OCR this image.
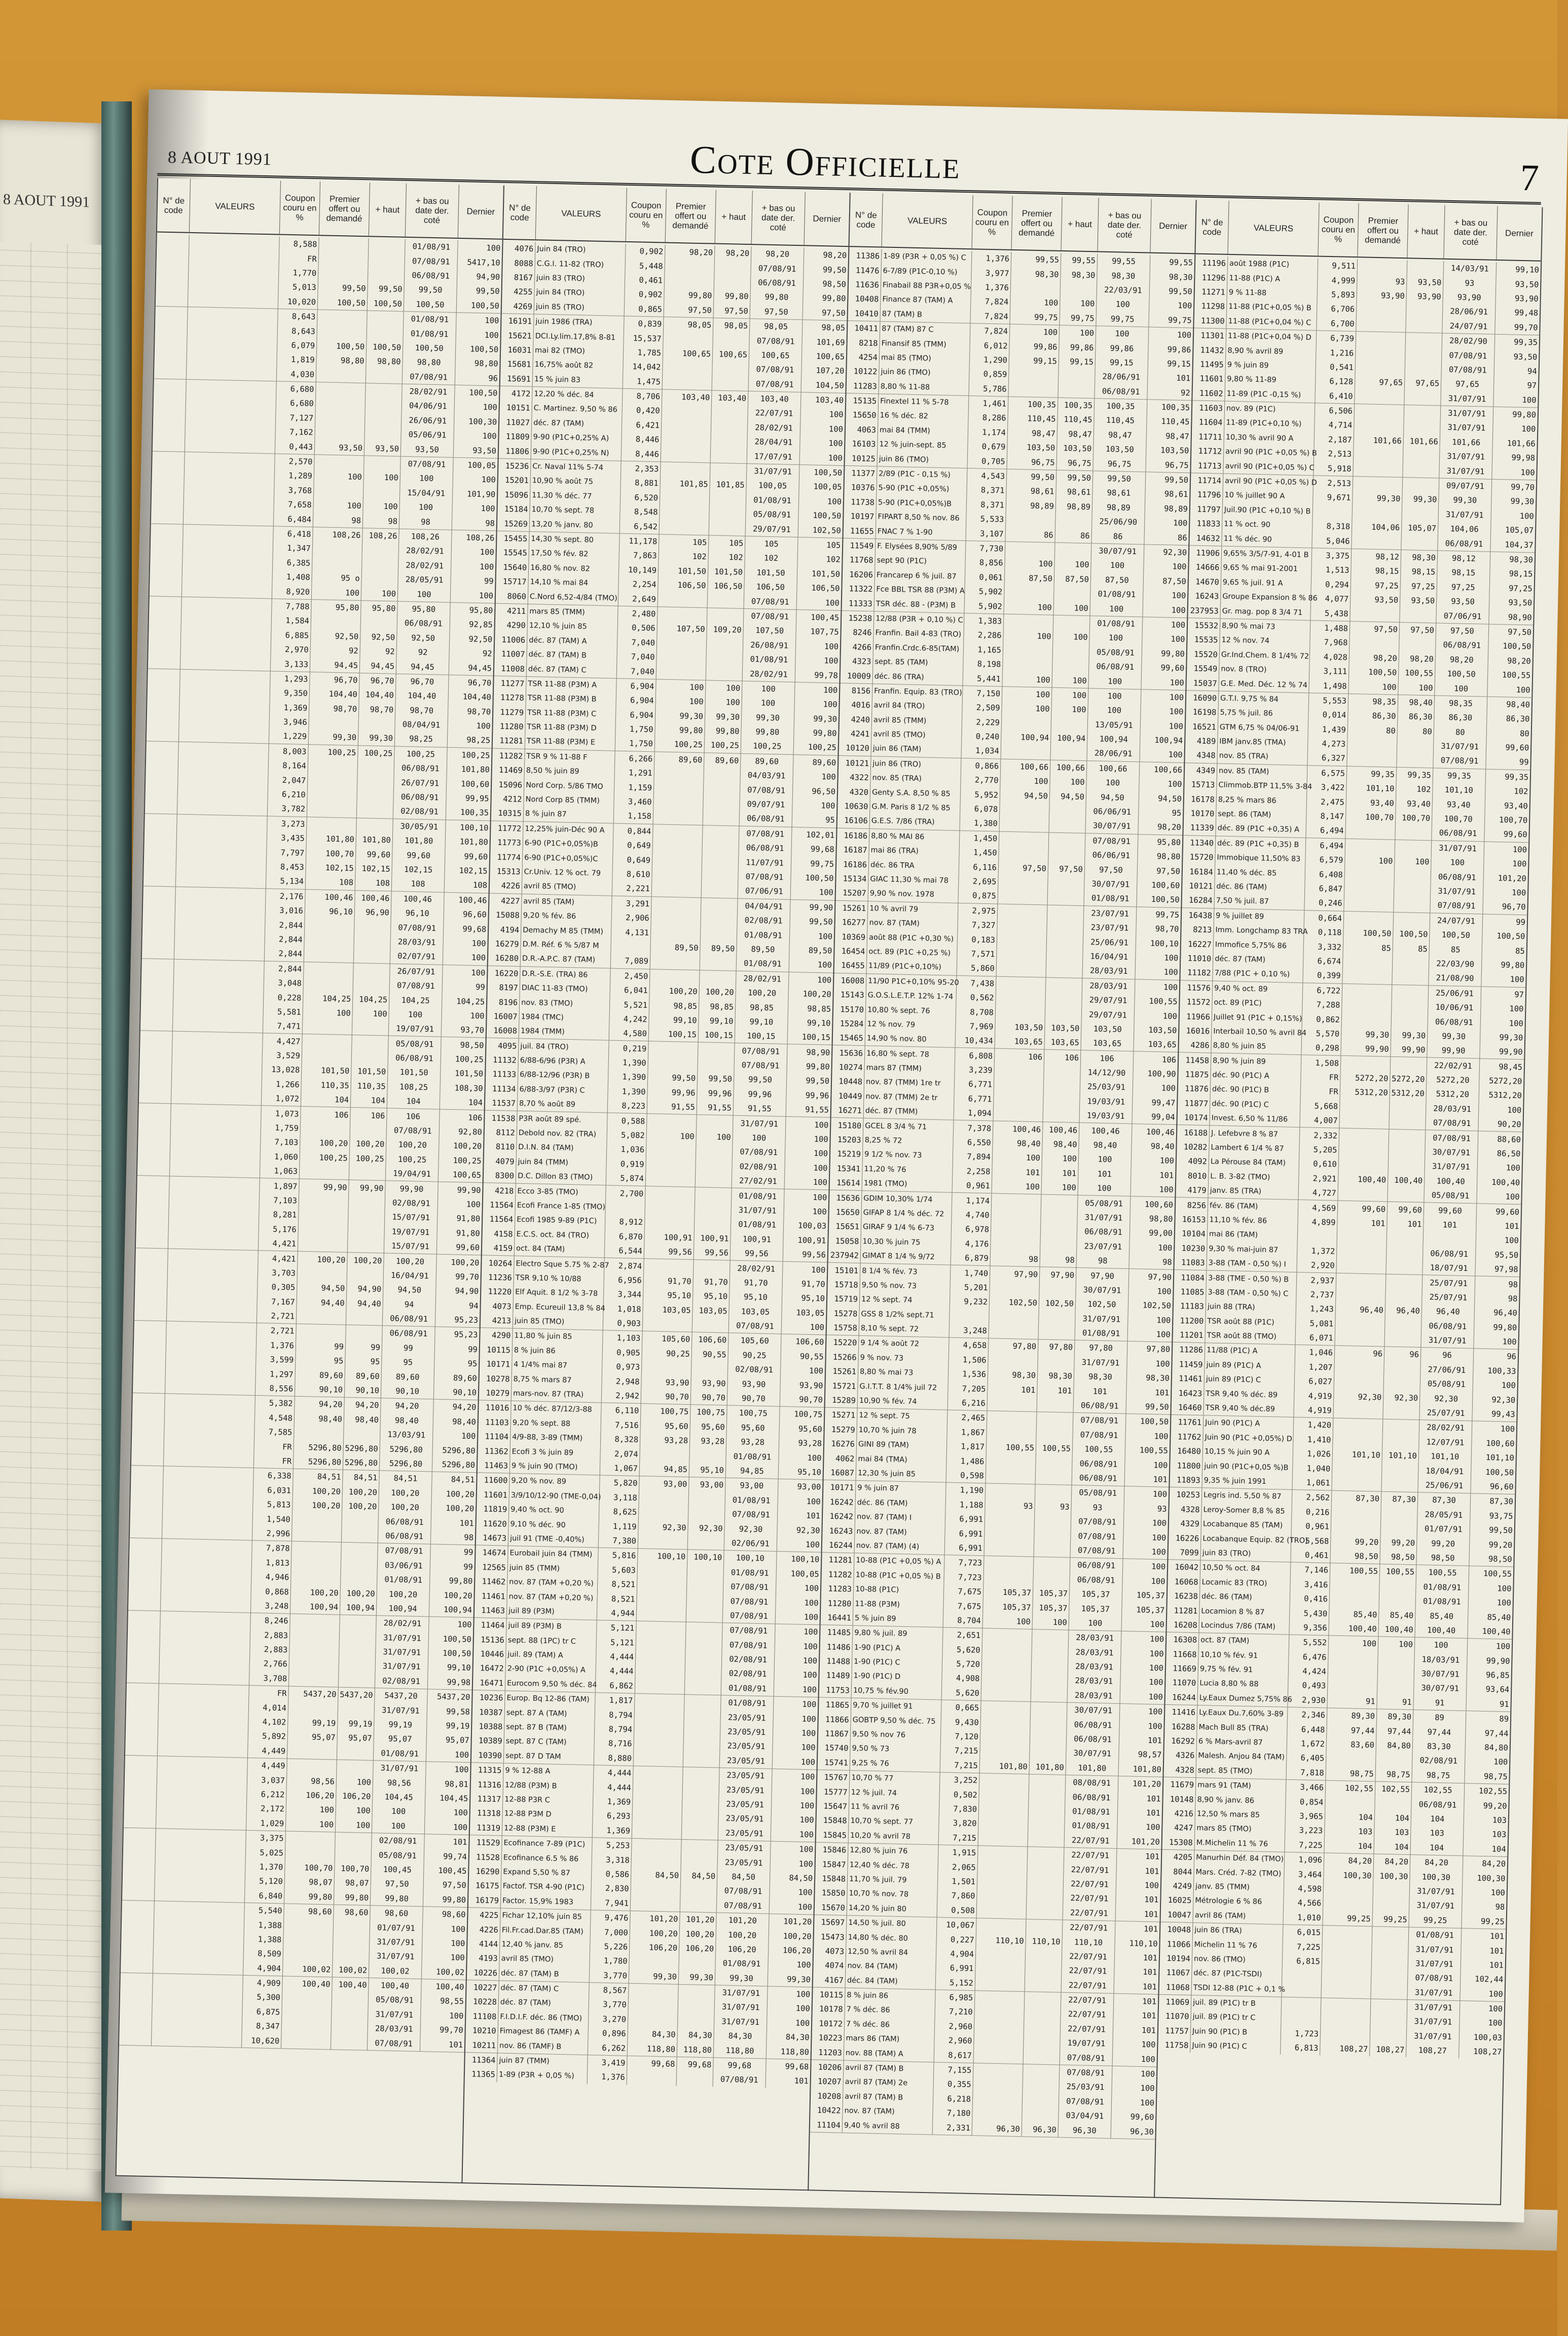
8 AOUT 1991
8 AOUT 1991	Cote Officielle	7
N° de code	VALEURS
Coupon couru en %
Premier offert ou demandé
+ haut
+ bas ou date der. coté
Dernier
8,588	01/08/91	100
FR	07/08/91	5417,10
1,770	06/08/91	94,90
5,013	99,50	99,50	99,50	99,50
10,020	100,50	100,50	100,50	100,50
8,643	01/08/91	100
8,643	01/08/91	100
6,079	100,50	100,50	100,50	100,50
1,819	98,80	98,80	98,80	98,80
4,030	07/08/91	96
6,680	28/02/91	100,50
6,680	04/06/91	100
7,127	26/06/91	100,30
7,162	05/06/91	100
0,443	93,50	93,50	93,50	93,50
2,570	07/08/91	100,05
1,289	100	100	100	100
3,768	15/04/91	101,90
7,658	100	100	100	100
6,484	98	98	98	98
6,418	108,26	108,26	108,26	108,26
1,347	28/02/91	100
6,385	28/02/91	100
1,408	95 o	28/05/91	99
8,920	100	100	100	100
7,788	95,80	95,80	95,80	95,80
1,584	06/08/91	92,85
6,885	92,50	92,50	92,50	92,50
2,970	92	92	92	92
3,133	94,45	94,45	94,45	94,45
1,293	96,70	96,70	96,70	96,70
9,350	104,40	104,40	104,40	104,40
1,369	98,70	98,70	98,70	98,70
3,946	08/04/91	100
1,229	99,30	99,30	98,25	98,25
8,003	100,25	100,25	100,25	100,25
8,164	06/08/91	101,80
2,047	26/07/91	100,60
6,210	06/08/91	99,95
3,782	02/08/91	100,35
3,273	30/05/91	100,10
3,435	101,80	101,80	101,80	101,80
7,797	100,70	99,60	99,60	99,60
8,453	102,15	102,15	102,15	102,15
5,134	108	108	108	108
2,176	100,46	100,46	100,46	100,46
3,016	96,10	96,90	96,10	96,60
2,844	07/08/91	99,68
2,844	28/03/91	100
2,844	02/07/91	100
2,844	26/07/91	100
3,048	07/08/91	99
0,228	104,25	104,25	104,25	104,25
5,581	100	100	100	100
7,471	19/07/91	93,70
4,427	05/08/91	98,50
3,529	06/08/91	100,25
13,028	101,50	101,50	101,50	101,50
1,266	110,35	110,35	108,25	108,30
1,072	104	104	104	104
1,073	106	106	106	106
1,759	07/08/91	92,80
7,103	100,20	100,20	100,20	100,20
1,060	100,25	100,25	100,25	100,25
1,063	19/04/91	100,65
1,897	99,90	99,90	99,90	99,90
7,103	02/08/91	100
8,281	15/07/91	91,80
5,176	19/07/91	91,80
4,421	15/07/91	99,60
4,421	100,20	100,20	100,20	100,20
3,703	16/04/91	99,70
0,305	94,50	94,90	94,50	94,90
7,167	94,40	94,40	94	94
2,721	06/08/91	95,23
2,721	06/08/91	95,23
1,376	99	99	99	99
3,599	95	95	95	95
1,297	89,60	89,60	89,60	89,60
8,556	90,10	90,10	90,10	90,10
5,382	94,20	94,20	94,20	94,20
4,548	98,40	98,40	98,40	98,40
7,585	13/03/91	100
FR	5296,80 5296,80	5296,80	5296,80
FR	5296,80 5296,80	5296,80	5296,80
6,338	84,51	84,51	84,51	84,51
6,031	100,20	100,20	100,20	100,20
5,813	100,20	100,20	100,20	100,20
1,540	06/08/91	101
2,996	06/08/91	98
7,878	07/08/91	99
1,813	03/06/91	99
4,946	01/08/91	99,80
0,868	100,20	100,20	100,20	100,20
3,248	100,94	100,94	100,94	100,94
8,246	28/02/91	100
2,883	31/07/91	100,50
2,883	31/07/91	100,50
2,766	31/07/91	99,10
3,708	02/08/91	99,98
FR	5437,20 5437,20	5437,20	5437,20
4,014	31/07/91	99,58
4,102	99,19	99,19	99,19	99,19
5,892	95,07	95,07	95,07	95,07
4,449	01/08/91	100
4,449	31/07/91	100
3,037	98,56	100	98,56	98,81
6,212	106,20	106,20	104,45	104,45
2,172	100	100	100	100
1,029	100	100	100	100
3,375	02/08/91	101
5,025	05/08/91	99,74
1,370	100,70	100,70	100,45	100,45
5,120	98,07	98,07	97,50	97,50
6,840	99,80	99,80	99,80	99,80
5,540	98,60	98,60	98,60	98,60
1,388	01/07/91	100
1,388	31/07/91	100
8,509	31/07/91	100
4,904	100,02	100,02	100,02	100,02
4,909	100,40	100,40	100,40	100,40
5,300	05/08/91	98,55
6,875	31/07/91	100
8,347	28/03/91	99,70
10,620	07/08/91	101
N° de code	VALEURS
Coupon couru en %
Premier offert ou demandé
+ haut
+ bas ou date der. coté
Dernier
4076 Juin 84 (TRO)	0,902	98,20	98,20	98,20	98,20
8088 C.G.I. 11-82 (TRO)	5,448	07/08/91	99,50
8167 juin 83 (TRO)	0,461	06/08/91	98,50
4255 juin 84 (TRO)	0,902	99,80	99,80	99,80	99,80
4269 juin 85 (TRO)	0,865	97,50	97,50	97,50	97,50
16191 juin 1986 (TRA)	0,839	98,05	98,05	98,05	98,05
15621 DCI.Ly.lim.17,8% 8-81	15,537	07/08/91	101,69
16031 mai 82 (TMO)	1,785	100,65	100,65	100,65	100,65
15681 16,75% août 82	14,042	07/08/91	107,20
15691 15 % juin 83	1,475	07/08/91	104,50
4172 12,20 % déc. 84	8,706	103,40	103,40	103,40	103,40
10151 C. Martinez. 9,50 % 86	0,420	22/07/91	100
11027 déc. 87 (TAM)	6,421	28/02/91	100
11809 9-90 (P1C+0,25% A)	8,446	28/04/91	100
11806 9-90 (P1C+0,25% N)	8,446	17/07/91	100
15236 Cr. Naval 11% 5-74	2,353	31/07/91	100,50
15201 10,90 % août 75	8,881	101,85	101,85	100,05	100,05
15096 11,30 % déc. 77	6,520	01/08/91	100
15184 10,70 % sept. 78	8,548	05/08/91	100,50
15269 13,20 % janv. 80	6,542	29/07/91	102,50
15455 14,30 % sept. 80	11,178	105	105	105	105
15545 17,50 % fév. 82	7,863	102	102	102	102
15640 16,80 % nov. 82	10,149	101,50	101,50	101,50	101,50
15717 14,10 % mai 84	2,254	106,50	106,50	106,50	106,50
8060 C.Nord 6,52-4/84 (TMO)	2,649	07/08/91	100
4211 mars 85 (TMM)	2,480	07/08/91	100,45
4290 12,10 % juin 85	0,506	107,50	109,20	107,50	107,75
11006 déc. 87 (TAM) A	7,040	26/08/91	100
11007 déc. 87 (TAM) B	7,040	01/08/91	100
11008 déc. 87 (TAM) C	7,040	28/02/91	99,78
11277 TSR 11-88 (P3M) A	6,904	100	100	100	100
11278 TSR 11-88 (P3M) B	6,904	100	100	100	100
11279 TSR 11-88 (P3M) C	6,904	99,30	99,30	99,30	99,30
11280 TSR 11-88 (P3M) D	1,750	99,80	99,80	99,80	99,80
11281 TSR 11-88 (P3M) E	1,750	100,25	100,25	100,25	100,25
11282 TSR 9 % 11-88 F	6,266	89,60	89,60	89,60	89,60
11469 8,50 % juin 89	1,291	04/03/91	100
15096 Nord Corp. 5/86 TMO	1,159	07/08/91	96,50
4212 Nord Corp 85 (TMM)	3,460	09/07/91	100
10315 8 % juin 87	1,158	06/08/91	95
11772 12,25% juin-Déc 90 A	0,844	07/08/91	102,01
11773 6-90 (P1C+0,05%)B	0,649	06/08/91	99,68
11774 6-90 (P1C+0,05%)C	0,649	11/07/91	99,75
15313 Cr.Univ. 12 % oct. 79	8,610	07/08/91	100,50
4226 avril 85 (TMO)	2,221	07/06/91	100
4227 avril 85 (TAM)	3,291	04/04/91	99,90
15088 9,20 % fév. 86	2,906	02/08/91	99,50
4194 Demachy M 85 (TMM)	4,131	01/08/91	100
16279 D.M. Réf. 6 % 5/87 M	89,50	89,50	89,50	89,50
16280 D.R.-A.P.C. 87 (TAM)	7,089	01/08/91	100
16220 D.R.-S.E. (TRA) 86	2,450	28/02/91	100
8197 DIAC 11-83 (TMO)	6,041	100,20	100,20	100,20	100,20
8196 nov. 83 (TMO)	5,521	98,85	98,85	98,85	98,85
16007 1984 (TMC)	4,242	99,10	99,10	99,10	99,10
16008 1984 (TMM)	4,580	100,15	100,15	100,15	100,15
4095 juil. 84 (TRO)	0,219	07/08/91	98,90
11132 6/88-6/96 (P3R) A	1,390	07/08/91	99,80
11133 6/88-12/96 (P3R) B	1,390	99,50	99,50	99,50	99,50
11134 6/88-3/97 (P3R) C	1,390	99,96	99,96	99,96	99,96
11537 8,70 % août 89	8,223	91,55	91,55	91,55	91,55
11538 P3R août 89 spé.	0,588	31/07/91	100
8112 Debold nov. 82 (TRA)	5,082	100	100	100	100
8110 D.I.N. 84 (TAM)	1,036	07/08/91	100
4079 juin 84 (TMM)	0,919	02/08/91	100
8300 D.C. Dillon 83 (TMO)	5,874	27/02/91	100
4218 Ecco 3-85 (TMO)	2,700	01/08/91	100
11564 Ecofi France 1-85 (TMO)	31/07/91	100
11564 Ecofi 1985 9-89 (P1C)	8,912	01/08/91	100,03
4158 E.C.S. oct. 84 (TRO)	6,870	100,91	100,91	100,91	100,91
4159 oct. 84 (TAM)	6,544	99,56	99,56	99,56	99,56
10264 Electro Sque 5.75 % 2-87	2,874	28/02/91	100
11236 TSR 9,10 % 10/88	6,956	91,70	91,70	91,70	91,70
11220 Elf Aquit. 8 1/2 % 3-78	3,344	95,10	95,10	95,10	95,10
4073 Emp. Ecureuil 13,8 % 84	1,018	103,05	103,05	103,05	103,05
4213 juin 85 (TMO)	0,903	07/08/91	100
4290 11,80 % juin 85	1,103	105,60	106,60	105,60	106,60
10115 8 % juin 86	0,905	90,25	90,55	90,25	90,55
10171 4 1/4% mai 87	0,973	02/08/91	100
10278 8,75 % mars 87	2,948	93,90	93,90	93,90	93,90
10279 mars-nov. 87 (TRA)	2,942	90,70	90,70	90,70	90,70
11016 10 % déc. 87/12/3-88	6,110	100,75	100,75	100,75	100,75
11103 9,20 % sept. 88	7,516	95,60	95,60	95,60	95,60
11104 4/9-88, 3-89 (TMM)	8,328	93,28	93,28	93,28	93,28
11362 Ecofi 3 % juin 89	2,074	01/08/91	100
11463 9 % juin 90 (TMO)	1,067	94,85	95,10	94,85	95,10
11600 9,20 % nov. 89	5,820	93,00	93,00	93,00	93,00
11601 3/9/10/12-90 (TME-0,04)	3,118	01/08/91	100
11819 9,40 % oct. 90	8,625	07/08/91	101
11620 9,10 % déc. 90	1,119	92,30	92,30	92,30	92,30
14673 juil 91 (TME -0,40%)	7,380	02/06/91	100
14674 Eurobail juin 84 (TMM)	5,816	100,10	100,10	100,10	100,10
12565 juin 85 (TMM)	5,603	01/08/91	100,05
11462 nov. 87 (TAM +0,20 %)	8,521	07/08/91	100
11461 nov. 87 (TAM +0,20 %)	8,521	07/08/91	100
11463 juil 89 (P3M)	4,944	07/08/91	100
11464 juil 89 (P3M) B	5,121	07/08/91	100
15136 sept. 88 (1PC) tr C	5,121	07/08/91	100
10446 juil. 89 (TAM) A	4,444	02/08/91	100
16472 2-90 (P1C +0,05%) A	4,444	02/08/91	100
16471 Eurocom 9,50 % déc. 84	6,862	01/08/91	100
10236 Europ. Bq 12-86 (TAM)	1,817	01/08/91	100
10387 sept. 87 A (TAM)	8,794	23/05/91	100
10388 sept. 87 B (TAM)	8,794	23/05/91	100
10389 sept. 87 C (TAM)	8,716	23/05/91	100
10390 sept. 87 D TAM	8,880	23/05/91	100
11315 9 % 12-88 A	4,444	23/05/91	100
11316 12/88 (P3M) B	4,444	23/05/91	100
11317 12-88 P3R C	1,369	23/05/91	100
11318 12-88 P3M D	6,293	23/05/91	100
11319 12-88 (P3M) E	1,369	23/05/91	100
11529 Ecofinance 7-89 (P1C)	5,253	23/05/91	100
11528 Ecofinance 6.5 % 86	3,318	23/05/91	100
16290 Expand 5,50 % 87	0,586	84,50	84,50	84,50	84,50
16175 Factof. TSR 4-90 (P1C)	2,830	07/08/91	100
16179 Factor. 15,9% 1983	7,941	07/08/91	100
4225 Fichar 12,10% juin 85	9,476	101,20	101,20	101,20	101,20
4226 Fil.Fr.cad.Dar.85 (TAM)	7,000	100,20	100,20	100,20	100,20
4144 12,40 % janv. 85	5,226	106,20	106,20	106,20	106,20
4193 avril 85 (TMO)	1,780	01/08/91	100
10226 déc. 87 (TAM) B	3,770	99,30	99,30	99,30	99,30
10227 déc. 87 (TAM) C	8,567	31/07/91	100
10228 déc. 87 (TAM)	3,770	31/07/91	100
11108 F.I.D.I.F. déc. 86 (TMO)	3,270	31/07/91	100
10210 Fimagest 86 (TAMF) A	0,896	84,30	84,30	84,30	84,30
10211 nov. 86 (TAMF) B	6,262	118,80	118,80	118,80	118,80
11364 juin 87 (TMM)	3,419	99,68	99,68	99,68	99,68
11365 1-89 (P3R + 0,05 %)	1,376	07/08/91	101
N° de code	VALEURS
Coupon couru en %
Premier offert ou demandé
+ haut
+ bas ou date der. coté
Dernier
11386 1-89 (P3R + 0,05 %) C	1,376	99,55	99,55	99,55	99,55
11476 6-7/89 (P1C-0,10 %)	3,977	98,30	98,30	98,30	98,30
11636 Finabail 88 P3R+0,05 %	1,376	22/03/91	99,50
10408 Finance 87 (TAM) A	7,824	100	100	100	100
10410 87 (TAM) B	7,824	99,75	99,75	99,75	99,75
10411 87 (TAM) 87 C	7,824	100	100	100	100
8218 Finansif 85 (TMM)	6,012	99,86	99,86	99,86	99,86
4254 mai 85 (TMO)	1,290	99,15	99,15	99,15	99,15
10122 juin 86 (TMO)	0,859	28/06/91	101
11283 8,80 % 11-88	5,786	06/08/91	92
15135 Finextel 11 % 5-78	1,461	100,35	100,35	100,35	100,35
15650 16 % déc. 82	8,286	110,45	110,45	110,45	110,45
4063 mai 84 (TMM)	1,174	98,47	98,47	98,47	98,47
16103 12 % juin-sept. 85	0,679	103,50	103,50	103,50	103,50
10125 juin 86 (TMO)	0,705	96,75	96,75	96,75	96,75
11377 2/89 (P1C - 0,15 %)	4,543	99,50	99,50	99,50	99,50
10376 5-90 (P1C +0,05%)	8,371	98,61	98,61	98,61	98,61
11738 5-90 (P1C+0,05%)B	8,371	98,89	98,89	98,89	98,89
10197 FIPART 8,50 % nov. 86	5,533	25/06/90	100
11655 FNAC 7 % 1-90	3,107	86	86	86	86
11549 F. Elysées 8,90% 5/89	7,730	30/07/91	92,30
11768 sept 90 (P1C)	8,856	100	100	100	100
16206 Francarep 6 % juil. 87	0,061	87,50	87,50	87,50	87,50
11322 Fce BBL TSR 88 (P3M) A	5,902	01/08/91	100
11333 TSR déc. 88 - (P3M) B	5,902	100	100	100	100
15238 12/88 (P3R + 0,10 %) C	1,383	01/08/91	100
8246 Franfin. Bail 4-83 (TRO)	2,286	100	100	100	100
4266 Franfin.Crdc.6-85(TAM)	1,165	05/08/91	99,80
4323 sept. 85 (TAM)	8,198	06/08/91	99,60
10009 déc. 86 (TRA)	5,441	100	100	100	100
8156 Franfin. Equip. 83 (TRO)	7,150	100	100	100	100
4016 avril 84 (TRO)	2,509	100	100	100	100
4240 avril 85 (TMM)	2,229	13/05/91	100
4241 avril 85 (TMO)	0,240	100,94	100,94	100,94	100,94
10120 juin 86 (TAM)	1,034	28/06/91	100
10121 juin 86 (TRO)	0,866	100,66	100,66	100,66	100,66
4322 nov. 85 (TRA)	2,770	100	100	100	100
4320 Genty S.A. 8,50 % 85	5,952	94,50	94,50	94,50	94,50
10630 G.M. Paris 8 1/2 % 85	6,078	06/06/91	95
16106 G.E.S. 7/86 (TRA)	1,380	30/07/91	98,20
16186 8,80 % MAI 86	1,450	07/08/91	95,80
16187 mai 86 (TRA)	1,450	06/06/91	98,80
16186 déc. 86 TRA	6,116	97,50	97,50	97,50	97,50
15134 GIAC 11,30 % mai 78	2,695	30/07/91	100,60
15207 9,90 % nov. 1978	0,875	01/08/91	100,50
15261 10 % avril 79	2,975	23/07/91	99,75
16277 nov. 87 (TAM)	7,327	23/07/91	98,70
10369 août 88 (P1C +0,30 %)	0,183	25/06/91	100,10
16454 oct. 89 (P1C +0,25 %)	7,571	16/04/91	100
16455 11/89 (P1C+0,10%)	5,860	28/03/91	100
16008 11/90 P1C+0,10% 95-20	7,438	28/03/91	100
15143 G.O.S.L.E.T.P. 12% 1-74	0,562	29/07/91	100,55
15170 10,80 % sept. 76	8,708	29/07/91	100
15284 12 % nov. 79	7,969	103,50	103,50	103,50	103,50
15465 14,90 % nov. 80	10,434	103,65	103,65	103,65	103,65
15636 16,80 % sept. 78	6,808	106	106	106	106
10274 mars 87 (TMM)	3,239	14/12/90	100,90
10448 nov. 87 (TMM) 1re tr	6,771	25/03/91	100
10449 nov. 87 (TMM) 2e tr	6,771	19/03/91	99,47
16271 déc. 87 (TMM)	1,094	19/03/91	99,04
15180 GCEL 8 3/4 % 71	7,378	100,46	100,46	100,46	100,46
15203 8,25 % 72	6,550	98,40	98,40	98,40	98,40
15219 9 1/2 % nov. 73	7,894	100	100	100	100
15341 11,20 % 76	2,258	101	101	101	101
15614 1981 (TMO)	0,961	100	100	100	100
15636 GDIM 10,30% 1/74	1,174	05/08/91	100,60
15650 GIFAP 8 1/4 % déc. 72	4,740	31/07/91	98,80
15651 GIRAF 9 1/4 % 6-73	6,978	06/08/91	99,00
15058 10,30 % juin 75	4,176	23/07/91	100
237942 GIMAT 8 1/4 % 9/72	6,879	98	98	98	98
15101 8 1/4 % fév. 73	1,740	97,90	97,90	97,90	97,90
15718 9,50 % nov. 73	5,201	30/07/91	100
15719 12 % sept. 74	9,232	102,50	102,50	102,50	102,50
15278 GSS 8 1/2% sept.71	31/07/91	100
15758 8,10 % sept. 72	3,248	01/08/91	100
15220 9 1/4 % août 72	4,658	97,80	97,80	97,80	97,80
15266 9 % nov. 73	1,506	31/07/91	100
15261 8,80 % mai 73	1,536	98,30	98,30	98,30	98,30
15721 G.I.T.T. 8 1/4% juil 72	7,205	101	101	101	101
15289 10,90 % fév. 74	6,216	06/08/91	99,50
15271 12 % sept. 75	2,465	07/08/91	100,50
15279 10,70 % juin 78	1,867	07/08/91	100
16276 GINI 89 (TAM)	1,817	100,55	100,55	100,55	100,55
4062 mai 84 (TMA)	1,486	06/08/91	100
16087 12,30 % juin 85	0,598	06/08/91	101
10171 9 % juin 87	1,190	05/08/91	100
16242 déc. 86 (TAM)	1,188	93	93	93	93
16242 nov. 87 (TAM) I	6,991	07/08/91	100
16243 nov. 87 (TAM)	6,991	07/08/91	100
16244 nov. 87 (TAM) (4)	6,991	07/08/91	100
11281 10-88 (P1C +0,05 %) A	7,723	06/08/91	100
11282 10-88 (P1C +0,05 %) B	7,723	06/08/91	100
11283 10-88 (P1C)	7,675	105,37	105,37	105,37	105,37
11280 11-88 (P3M)	7,675	105,37	105,37	105,37	105,37
16441 5 % juin 89	8,704	100	100	100	100
11485 9,80 % juil. 89	2,651	28/03/91	100
11486 1-90 (P1C) A	5,620	28/03/91	100
11488 1-90 (P1C) C	5,720	28/03/91	100
11489 1-90 (P1C) D	4,908	28/03/91	100
11753 10,75 % fév.90	5,620	28/03/91	100
11865 9,70 % juillet 91	0,665	30/07/91	100
11866 GOBTP 9,50 % déc. 75	9,430	06/08/91	100
11867 9,50 % nov 76	7,120	06/08/91	101
15740 9,50 % 73	7,215	30/07/91	98,57
15741 9,25 % 76	7,215	101,80	101,80	101,80	101,80
15767 10,70 % 77	3,252	08/08/91	101,20
15777 12 % juil. 74	0,502	06/08/91	101
15647 11 % avril 76	7,830	01/08/91	101
15848 10,70 % sept. 77	3,820	01/08/91	100
15845 10,20 % avril 78	7,215	22/07/91	101,20
15846 12,80 % juin 76	1,915	22/07/91	101
15847 12,40 % déc. 78	2,065	22/07/91	101
15848 11,70 % juil. 79	1,501	22/07/91	100
15850 10,70 % nov. 78	7,860	22/07/91	101
15670 14,20 % juin 80	0,508	22/07/91	101
15697 14,50 % juil. 80	10,067	22/07/91	101
15473 14,80 % déc. 80	0,227	110,10	110,10	110,10	110,10
4073 12,50 % avril 84	4,904	22/07/91	101
4074 nov. 84 (TAM)	6,991	22/07/91	101
4167 déc. 84 (TAM)	5,152	22/07/91	101
10115 8 % juin 86	6,985	22/07/91	101
10178 7 % déc. 86	7,210	22/07/91	101
10172 7 % déc. 86	2,960	22/07/91	101
10223 mars 86 (TAM)	2,960	19/07/91	100
11203 nov. 88 (TAM) A	8,617	07/08/91	100
10206 avril 87 (TAM) B	7,155	07/08/91	100
10207 avril 87 (TAM) 2e	0,355	25/03/91	100
10208 avril 87 (TAM) B	6,218	07/08/91	100
10422 nov. 87 (TAM)	7,180	03/04/91	99,60
11104 9,40 % avril 88	2,331	96,30	96,30	96,30	96,30
N° de code	VALEURS
Coupon couru en %
Premier offert ou demandé
+ haut
+ bas ou date der. coté
Dernier
11196 août 1988 (P1C)	9,511	14/03/91	99,10
11296 11-88 (P1C) A	4,999	93	93,50	93	93,50
11271 9 % 11-88	5,893	93,90	93,90	93,90	93,90
11298 11-88 (P1C+0,05 %) B	6,706	28/06/91	99,48
11300 11-88 (P1C+0,04 %) C	6,700	24/07/91	99,70
11301 11-88 (P1C+0,04 %) D	6,739	28/02/90	99,35
11432 8,90 % avril 89	1,216	07/08/91	93,50
11495 9 % juin 89	0,541	07/08/91	94
11601 9,80 % 11-89	6,128	97,65	97,65	97,65	97
11602 11-89 (P1C -0,15 %)	6,410	31/07/91	100
11603 nov. 89 (P1C)	6,506	31/07/91	99,80
11604 11-89 (P1C+0,10 %)	4,714	31/07/91	100
11711 10,30 % avril 90 A	2,187	101,66	101,66	101,66	101,66
11712 avril 90 (P1C +0,05 %) B	2,513	31/07/91	99,98
11713 avril 90 (P1C+0,05 %) C	5,918	31/07/91	100
11714 avril 90 (P1C +0,05 %) D	2,513	09/07/91	99,70
11796 10 % juillet 90 A	9,671	99,30	99,30	99,30	99,30
11797 Juil.90 (P1C +0,10 %) B	31/07/91	100
11833 11 % oct. 90	8,318	104,06	105,07	104,06	105,07
14632 11 % déc. 90	5,046	06/08/91	104,37
11906 9,65% 3/5/7-91, 4-01 B	3,375	98,12	98,30	98,12	98,30
14666 9,65 % mai 91-2001	1,513	98,15	98,15	98,15	98,15
14670 9,65 % juil. 91 A	0,294	97,25	97,25	97,25	97,25
16243 Groupe Expansion 8 % 86 4,077	93,50	93,50	93,50	93,50
237953 Gr. mag. pop 8 3/4 71	5,438	07/06/91	98,90
15532 8,90 % mai 73	1,488	97,50	97,50	97,50	97,50
15535 12 % nov. 74	7,968	06/08/91	100,50
15520 Gr.Ind.Chem. 8 1/4% 72	4,028	98,20	98,20	98,20	98,20
15549 nov. 8 (TRO)	3,111	100,50	100,55	100,50	100,55
15037 G.E. Med. Déc. 12 % 74	1,498	100	100	100	100
16090 G.T.I. 9,75 % 84	5,553	98,35	98,40	98,35	98,40
16198 5,75 % juil. 86	0,014	86,30	86,30	86,30	86,30
16521 GTM 6,75 % 04/06-91	1,439	80	80	80	80
4189 IBM janv.85 (TMA)	4,273	31/07/91	99,60
4348 nov. 85 (TRA)	6,327	07/08/91	99
4349 nov. 85 (TAM)	6,575	99,35	99,35	99,35	99,35
15713 Climmob.BTP 11,5% 3-84	3,422	101,10	102	101,10	102
16178 8,25 % mars 86	2,475	93,40	93,40	93,40	93,40
10170 sept. 86 (TAM)	8,147	100,70	100,70	100,70	100,70
11339 déc. 89 (P1C +0,35) A	6,494	06/08/91	99,60
11340 déc. 89 (P1C +0,35) B	6,494	31/07/91	100
15720 Immobique 11,50% 83	6,579	100	100	100	100
16184 11,40 % déc. 85	6,408	06/08/91	101,20
10121 déc. 86 (TAM)	6,847	31/07/91	100
16284 7,50 % juil. 87	0,246	07/08/91	96,70
16438 9 % juillet 89	0,664	24/07/91	99
8213 Imm. Longchamp 83 TRA	0,118	100,50	100,50	100,50	100,50
16227 Immofice 5,75% 86	3,332	85	85	85	85
11010 déc. 87 (TAM)	6,674	22/03/90	99,80
11182 7/88 (P1C + 0,10 %)	0,399	21/08/90	100
11576 9,40 % oct. 89	6,722	25/06/91	97
11572 oct. 89 (P1C)	7,288	10/06/91	100
11966 Juillet 91 (P1C + 0,15%)	0,862	06/08/91	100
16016 Interbail 10,50 % avril 84	5,570	99,30	99,30	99,30	99,30
4286 8,80 % juin 85	0,298	99,90	99,90	99,90	99,90
11458 8,90 % juin 89	1,508	22/02/91	98,45
11875 déc. 90 (P1C) A	FR	5272,20 5272,20	5272,20	5272,20
11876 déc. 90 (P1C) B	FR	5312,20 5312,20	5312,20	5312,20
11877 déc. 90 (P1C) C	5,668	28/03/91	100
10174 Invest. 6,50 % 11/86	4,007	07/08/91	90,20
16188 J. Lefebvre 8 % 87	2,332	07/08/91	88,60
10282 Lambert 6 1/4 % 87	5,205	30/07/91	86,50
4092 La Pérouse 84 (TAM)	0,610	31/07/91	100
8010 L. B. 3-82 (TMO)	2,921	100,40	100,40	100,40	100,40
4179 janv. 85 (TRA)	4,727	05/08/91	100
8256 fév. 86 (TAM)	4,569	99,60	99,60	99,60	99,60
16153 11,10 % fév. 86	4,899	101	101	101	101
10104 mai 86 (TAM)
100
10230 9,30 % mai-juin 87	1,372	06/08/91	95,50
11083 3-88 (TAM - 0,50 %) I	2,920	18/07/91	97,98
11084 3-88 (TME - 0,50 %) B	2,937	25/07/91	98
11085 3-88 (TAM - 0,50 %) C	2,737	25/07/91	98
11183 juin 88 (TRA)	1,243	96,40	96,40	96,40	96,40
11200 TSR août 88 (P1C)	5,081	06/08/91	99,80
11201 TSR août 88 (TMO)	6,071	31/07/91	100
11286 11/88 (P1C) A	1,046	96	96	96	96
11459 juin 89 (P1C) A	1,207	27/06/91	100,33
11461 juin 89 (P1C) C	6,027	05/08/91	100
16423 TSR 9,40 % déc. 89	4,919	92,30	92,30	92,30	92,30
16460 TSR 9,40 % déc.89	4,919	25/07/91	99,43
11761 Juin 90 (P1C) A	1,420	28/02/91	100
11762 Juin 90 (P1C +0,05%) D	1,410	12/07/91	100,60
16480 10,15 % juin 90 A	1,026	101,10	101,10	101,10	101,10
11800 juin 90 (P1C+0,05 %)B	1,040	18/04/91	100,50
11893 9,35 % juin 1991	1,061	25/06/91	96,60
10253 Legris ind. 5,50 % 87	2,562	87,30	87,30	87,30	87,30
4328 Leroy-Somer 8,8 % 85	0,216	28/05/91	93,75
4329 Locabanque 85 (TAM)	0,961	01/07/91	99,50
16226 Locabanque Equip. 82 (TRO)
5,568	99,20	99,20	99,20	99,20
7099 juin 83 (TRO)	0,461	98,50	98,50	98,50	98,50
16042 10,50 % oct. 84	7,146	100,55	100,55	100,55	100,55
16068 Locamic 83 (TRO)	3,416	01/08/91	100
16238 déc. 86 (TAM)	0,416	01/08/91	100
11281 Locamion 8 % 87	5,430	85,40	85,40	85,40	85,40
16208 Locindus 7/86 (TAM)	9,356	100,40	100,40	100,40	100,40
16308 oct. 87 (TAM)	5,552	100	100	100	100
11668 10,10 % fév. 91	6,476	18/03/91	99,90
11669 9,75 % fév. 91	4,424	30/07/91	96,85
11070 Lucia 8,80 % 88	0,493	30/07/91	93,64
16244 Ly.Eaux Dumez 5,75% 86	2,930	91	91	91	91
11416 Ly.Eaux Du.7,60% 3-89	2,346	89,30	89,30	89	89
16288 Mach Bull 85 (TRA)	6,448	97,44	97,44	97,44	97,44
16292 6 % Mars-avril 87	1,672	83,60	84,80	83,30	84,80
4326 Malesh. Anjou 84 (TAM)	6,405	02/08/91	100
4328 sept. 85 (TMO)	7,818	98,75	98,75	98,75	98,75
11679 mars 91 (TAM)	3,466	102,55	102,55	102,55	102,55
10148 8,90 % janv. 86	0,854	06/08/91	99,20
4216 12,50 % mars 85	3,965	104	104	104	103
4247 mars 85 (TMO)	3,223	103	103	103	103
15308 M.Michelin 11 % 76	7,225	104	104	104	104
4205 Manurhin Déf. 84 (TMO)	1,096	84,20	84,20	84,20	84,20
8044 Mars. Créd. 7-82 (TMO)	3,464	100,30	100,30	100,30	100,30
4249 janv. 85 (TMM)	4,598	31/07/91	100
16025 Métrologie 6 % 86	4,566	31/07/91	98
10047 avril 86 (TAM)	1,010	99,25	99,25	99,25	99,25
10048 juin 86 (TRA)	6,015	01/08/91	101
11066 Michelin 11 % 76	7,225	31/07/91	101
10194 nov. 86 (TMO)	6,815	31/07/91	101
11067 déc. 87 (P1C-TSDI)	07/08/91	102,44
11068 TSDI 12-88 (P1C + 0,1 %	31/07/91	100
11069 juil. 89 (P1C) tr B	31/07/91	100
11070 juil. 89 (P1C) tr C	31/07/91	100
11757 Juin 90 (P1C) B	1,723	31/07/91	100,03
11758 Juin 90 (P1C) C	6,813	108,27	108,27	108,27	108,27
